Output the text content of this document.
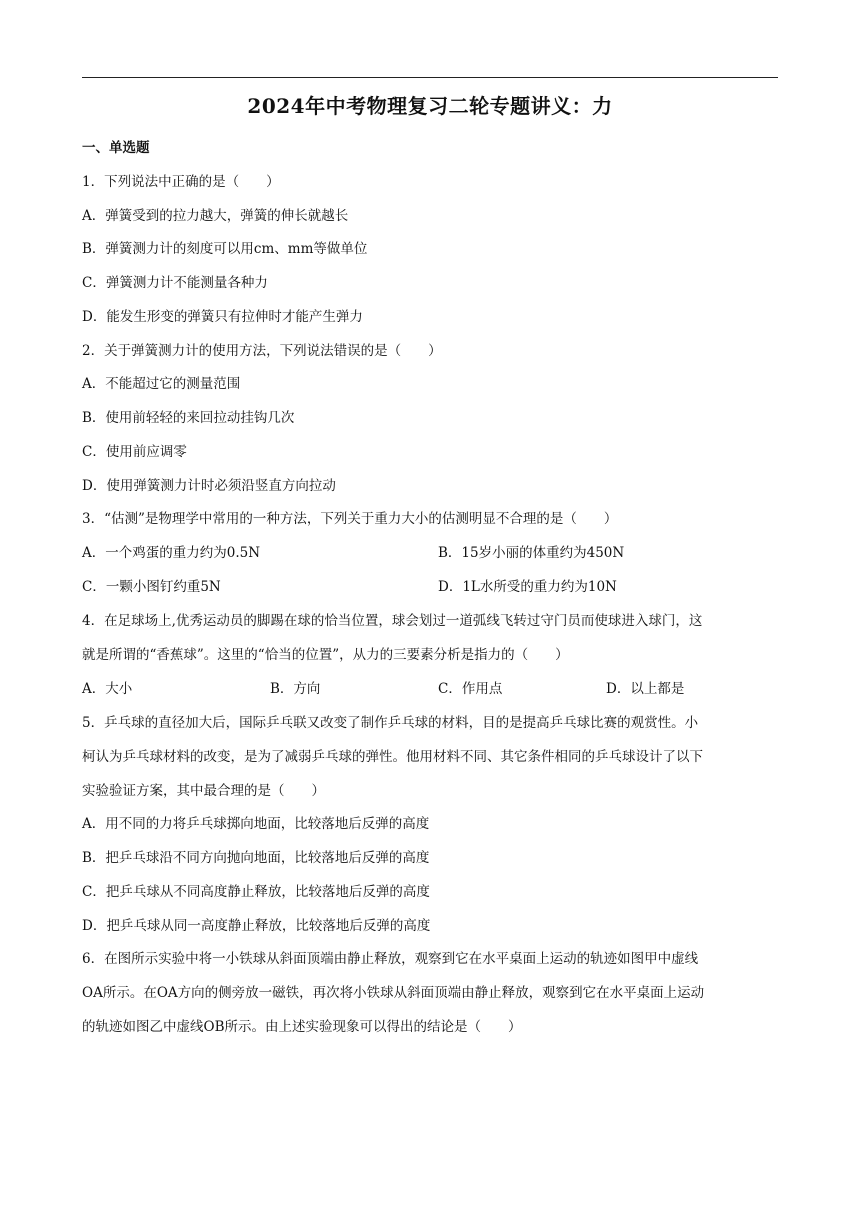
2024年中考物理复习二轮专题讲义：力
一、单选题
1．下列说法中正确的是（　　）
A．弹簧受到的拉力越大，弹簧的伸长就越长
B．弹簧测力计的刻度可以用cm、mm等做单位
C．弹簧测力计不能测量各种力
D．能发生形变的弹簧只有拉伸时才能产生弹力
2．关于弹簧测力计的使用方法，下列说法错误的是（　　）
A．不能超过它的测量范围
B．使用前轻轻的来回拉动挂钩几次
C．使用前应调零
D．使用弹簧测力计时必须沿竖直方向拉动
3．“估测”是物理学中常用的一种方法，下列关于重力大小的估测明显不合理的是（　　）
A．一个鸡蛋的重力约为0.5N	B．15岁小丽的体重约为450N
C．一颗小图钉约重5N	D．1L水所受的重力约为10N
4．在足球场上,优秀运动员的脚踢在球的恰当位置，球会划过一道弧线飞转过守门员而使球进入球门，这
就是所谓的“香蕉球”。这里的“恰当的位置”，从力的三要素分析是指力的（　　）
A．大小	B．方向	C．作用点	D．以上都是
5．乒乓球的直径加大后，国际乒乓联又改变了制作乒乓球的材料，目的是提高乒乓球比赛的观赏性。小
柯认为乒乓球材料的改变，是为了减弱乒乓球的弹性。他用材料不同、其它条件相同的乒乓球设计了以下
实验验证方案，其中最合理的是（　　）
A．用不同的力将乒乓球掷向地面，比较落地后反弹的高度
B．把乒乓球沿不同方向抛向地面，比较落地后反弹的高度
C．把乒乓球从不同高度静止释放，比较落地后反弹的高度
D．把乒乓球从同一高度静止释放，比较落地后反弹的高度
6．在图所示实验中将一小铁球从斜面顶端由静止释放，观察到它在水平桌面上运动的轨迹如图甲中虚线
OA所示。在OA方向的侧旁放一磁铁，再次将小铁球从斜面顶端由静止释放，观察到它在水平桌面上运动
的轨迹如图乙中虚线OB所示。由上述实验现象可以得出的结论是（　　）
